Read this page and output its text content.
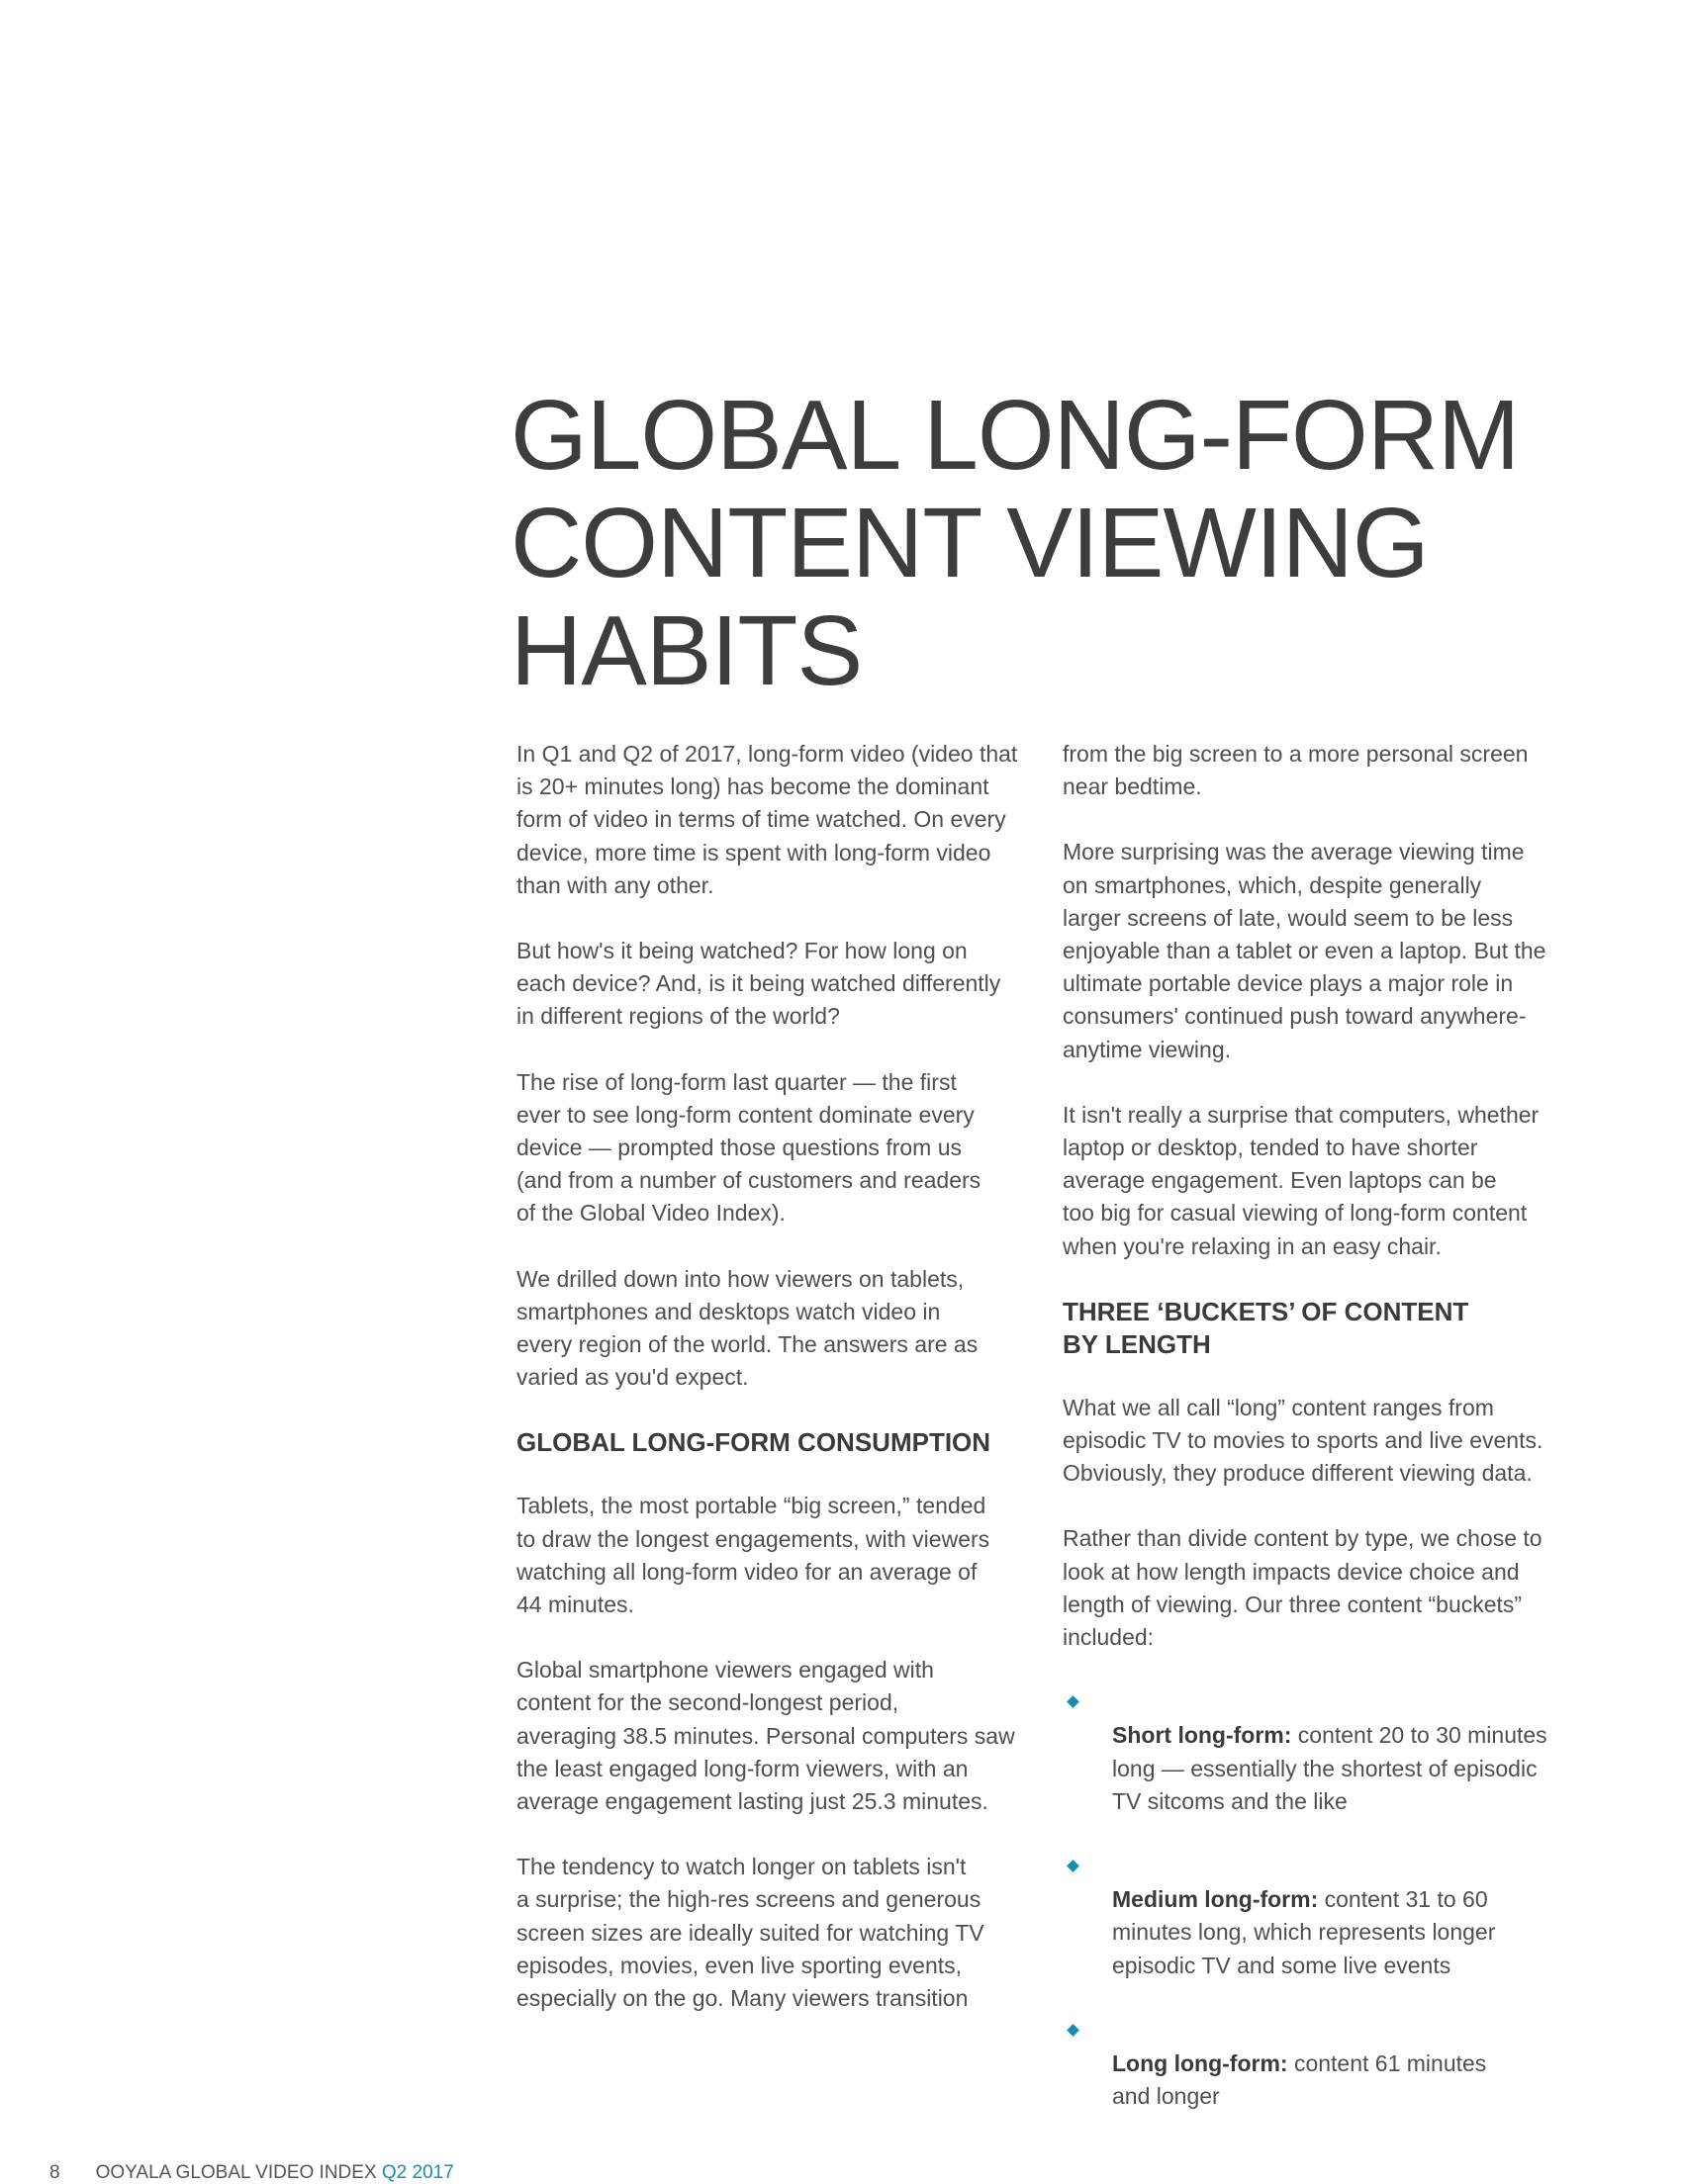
GLOBAL LONG-FORM
CONTENT VIEWING
HABITS

In Q1 and Q2 of 2017, long-form video (video that
is 20+ minutes long) has become the dominant
form of video in terms of time watched. On every
device, more time is spent with long-form video
than with any other.

But how's it being watched? For how long on
each device? And, is it being watched differently
in different regions of the world?

The rise of long-form last quarter — the first
ever to see long-form content dominate every
device — prompted those questions from us
(and from a number of customers and readers
of the Global Video Index).

We drilled down into how viewers on tablets,
smartphones and desktops watch video in
every region of the world. The answers are as
varied as you'd expect.

GLOBAL LONG-FORM CONSUMPTION

Tablets, the most portable “big screen,” tended
to draw the longest engagements, with viewers
watching all long-form video for an average of
44 minutes.

Global smartphone viewers engaged with
content for the second-longest period,
averaging 38.5 minutes. Personal computers saw
the least engaged long-form viewers, with an
average engagement lasting just 25.3 minutes.

The tendency to watch longer on tablets isn't
a surprise; the high-res screens and generous
screen sizes are ideally suited for watching TV
episodes, movies, even live sporting events,
especially on the go. Many viewers transition

from the big screen to a more personal screen
near bedtime.

More surprising was the average viewing time
on smartphones, which, despite generally
larger screens of late, would seem to be less
enjoyable than a tablet or even a laptop. But the
ultimate portable device plays a major role in
consumers' continued push toward anywhere-
anytime viewing.

It isn't really a surprise that computers, whether
laptop or desktop, tended to have shorter
average engagement. Even laptops can be
too big for casual viewing of long-form content
when you're relaxing in an easy chair.

THREE ‘BUCKETS’ OF CONTENT
BY LENGTH

What we all call “long” content ranges from
episodic TV to movies to sports and live events.
Obviously, they produce different viewing data.

Rather than divide content by type, we chose to
look at how length impacts device choice and
length of viewing. Our three content “buckets”
included:

Short long-form: content 20 to 30 minutes
long — essentially the shortest of episodic
TV sitcoms and the like

Medium long-form: content 31 to 60
minutes long, which represents longer
episodic TV and some live events

Long long-form: content 61 minutes
and longer

8 OOYALA GLOBAL VIDEO INDEX Q2 2017
